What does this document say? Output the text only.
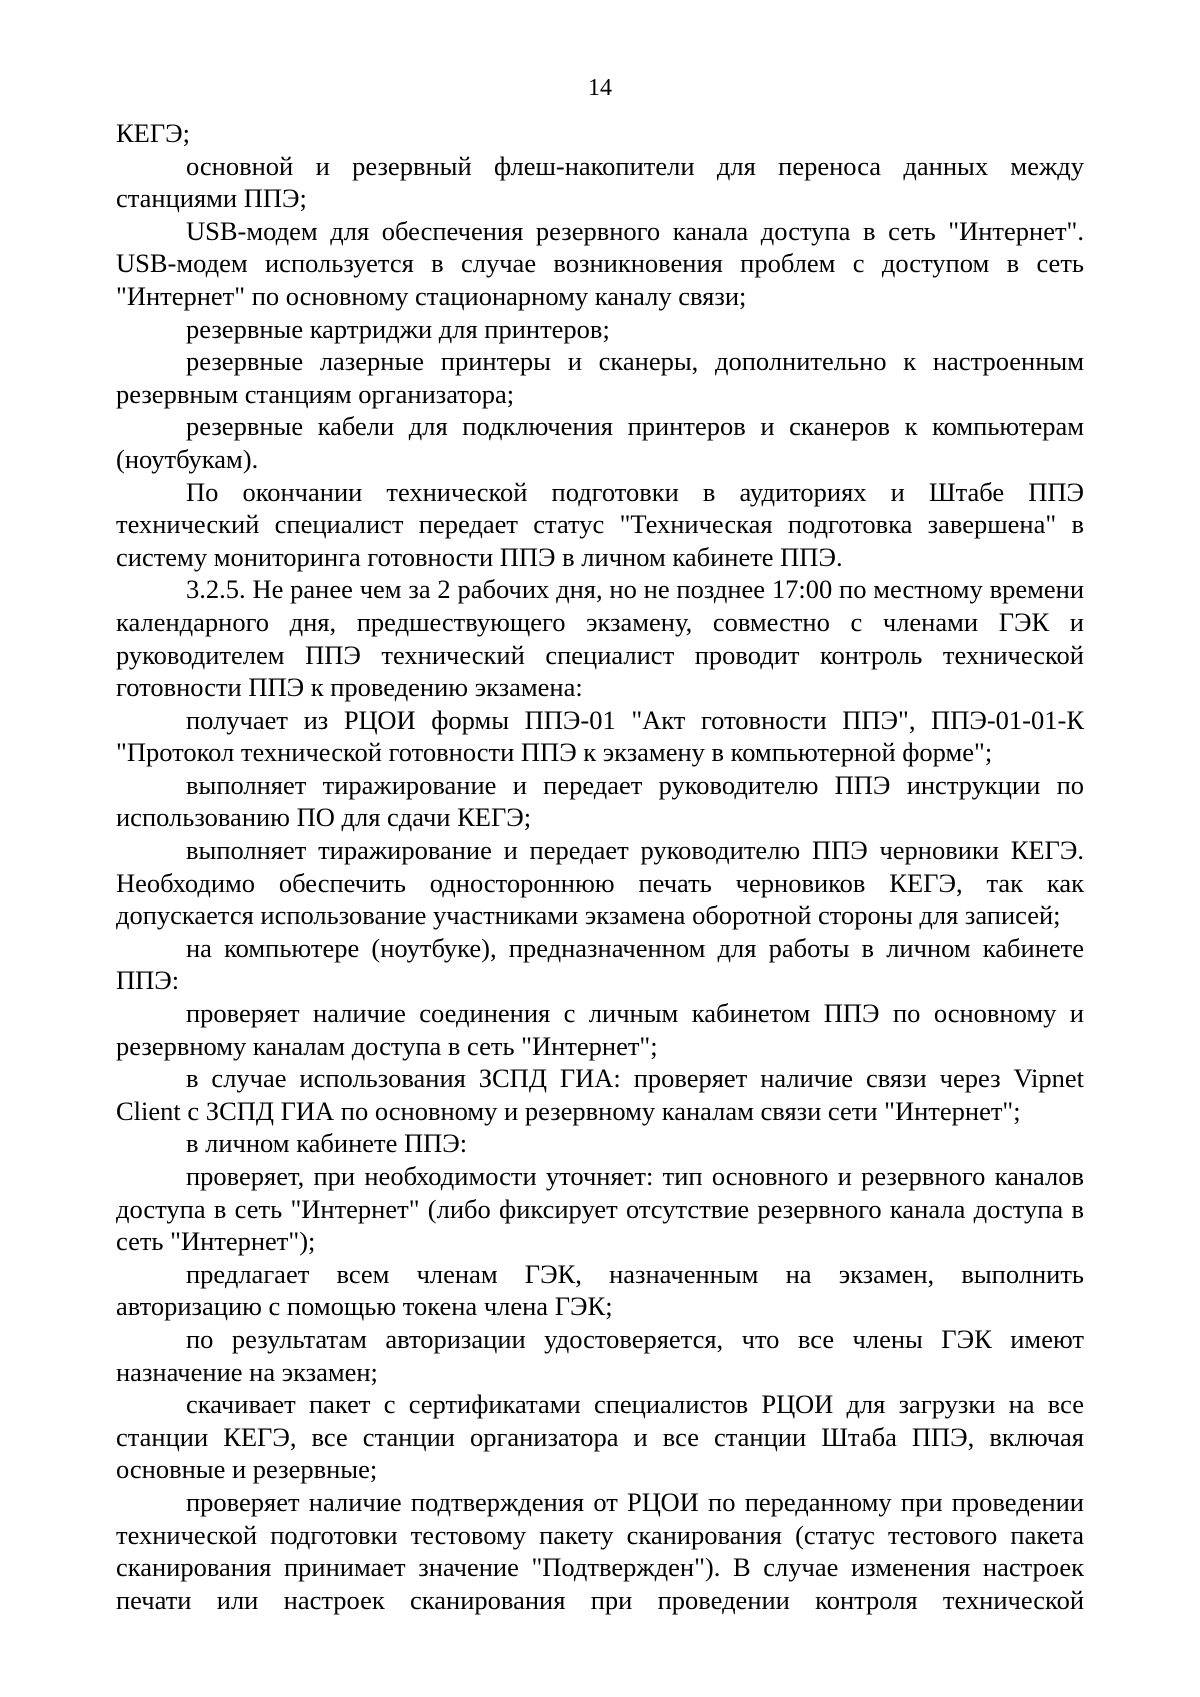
14

КЕГЭ;

основной и резервный флеш-накопители для переноса данных между станциями ППЭ;

USB-модем для обеспечения резервного канала доступа в сеть "Интернет". USB-модем используется в случае возникновения проблем с доступом в сеть "Интернет" по основному стационарному каналу связи;

резервные картриджи для принтеров;

резервные лазерные принтеры и сканеры, дополнительно к настроенным резервным станциям организатора;

резервные кабели для подключения принтеров и сканеров к компьютерам (ноутбукам).

По окончании технической подготовки в аудиториях и Штабе ППЭ технический специалист передает статус "Техническая подготовка завершена" в систему мониторинга готовности ППЭ в личном кабинете ППЭ.

3.2.5. Не ранее чем за 2 рабочих дня, но не позднее 17:00 по местному времени календарного дня, предшествующего экзамену, совместно с членами ГЭК и руководителем ППЭ технический специалист проводит контроль технической готовности ППЭ к проведению экзамена:

получает из РЦОИ формы ППЭ-01 "Акт готовности ППЭ", ППЭ-01-01-К "Протокол технической готовности ППЭ к экзамену в компьютерной форме";

выполняет тиражирование и передает руководителю ППЭ инструкции по использованию ПО для сдачи КЕГЭ;

выполняет тиражирование и передает руководителю ППЭ черновики КЕГЭ. Необходимо обеспечить одностороннюю печать черновиков КЕГЭ, так как допускается использование участниками экзамена оборотной стороны для записей;

на компьютере (ноутбуке), предназначенном для работы в личном кабинете ППЭ:

проверяет наличие соединения с личным кабинетом ППЭ по основному и резервному каналам доступа в сеть "Интернет";

в случае использования ЗСПД ГИА: проверяет наличие связи через Vipnet Client с ЗСПД ГИА по основному и резервному каналам связи сети "Интернет";

в личном кабинете ППЭ:

проверяет, при необходимости уточняет: тип основного и резервного каналов доступа в сеть "Интернет" (либо фиксирует отсутствие резервного канала доступа в сеть "Интернет");

предлагает всем членам ГЭК, назначенным на экзамен, выполнить авторизацию с помощью токена члена ГЭК;

по результатам авторизации удостоверяется, что все члены ГЭК имеют назначение на экзамен;

скачивает пакет с сертификатами специалистов РЦОИ для загрузки на все станции КЕГЭ, все станции организатора и все станции Штаба ППЭ, включая основные и резервные;

проверяет наличие подтверждения от РЦОИ по переданному при проведении технической подготовки тестовому пакету сканирования (статус тестового пакета сканирования принимает значение "Подтвержден"). В случае изменения настроек печати или настроек сканирования при проведении контроля технической
